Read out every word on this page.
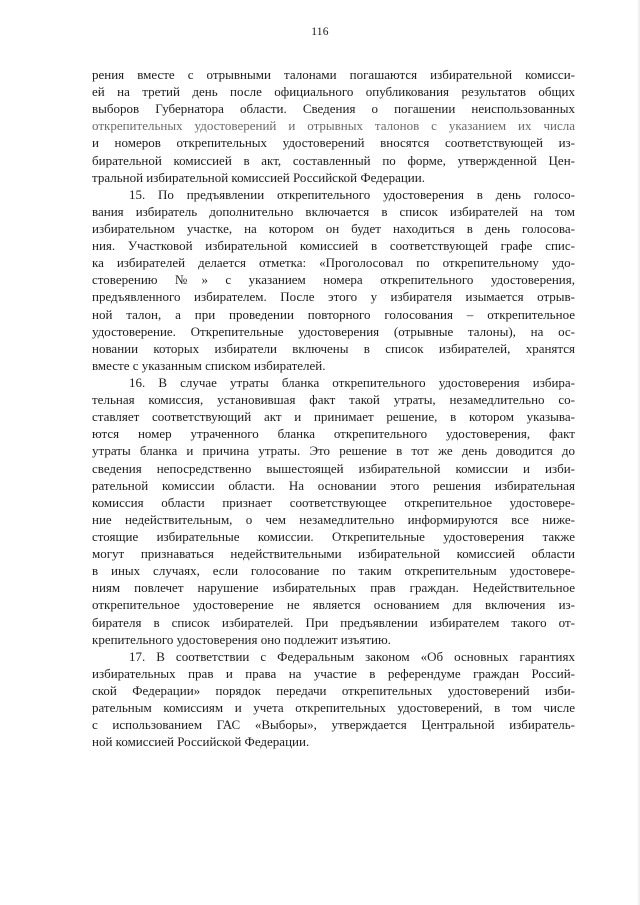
116
рения вместе с отрывными талонами погашаются избирательной комисси-
ей на третий день после официального опубликования результатов общих
выборов Губернатора области. Сведения о погашении неиспользованных
открепительных удостоверений и отрывных талонов с указанием их числа
и номеров открепительных удостоверений вносятся соответствующей из-
бирательной комиссией в акт, составленный по форме, утвержденной Цен-
тральной избирательной комиссией Российской Федерации.
15. По предъявлении открепительного удостоверения в день голосо-
вания избиратель дополнительно включается в список избирателей на том
избирательном участке, на котором он будет находиться в день голосова-
ния. Участковой избирательной комиссией в соответствующей графе спис-
ка избирателей делается отметка: «Проголосовал по открепительному удо-
стоверению №» с указанием номера открепительного удостоверения,
предъявленного избирателем. После этого у избирателя изымается отрыв-
ной талон, а при проведении повторного голосования – открепительное
удостоверение. Открепительные удостоверения (отрывные талоны), на ос-
новании которых избиратели включены в список избирателей, хранятся
вместе с указанным списком избирателей.
16. В случае утраты бланка открепительного удостоверения избира-
тельная комиссия, установившая факт такой утраты, незамедлительно со-
ставляет соответствующий акт и принимает решение, в котором указыва-
ются номер утраченного бланка открепительного удостоверения, факт
утраты бланка и причина утраты. Это решение в тот же день доводится до
сведения непосредственно вышестоящей избирательной комиссии и изби-
рательной комиссии области. На основании этого решения избирательная
комиссия области признает соответствующее открепительное удостовере-
ние недействительным, о чем незамедлительно информируются все ниже-
стоящие избирательные комиссии. Открепительные удостоверения также
могут признаваться недействительными избирательной комиссией области
в иных случаях, если голосование по таким открепительным удостовере-
ниям повлечет нарушение избирательных прав граждан. Недействительное
открепительное удостоверение не является основанием для включения из-
бирателя в список избирателей. При предъявлении избирателем такого от-
крепительного удостоверения оно подлежит изъятию.
17. В соответствии с Федеральным законом «Об основных гарантиях
избирательных прав и права на участие в референдуме граждан Россий-
ской Федерации» порядок передачи открепительных удостоверений изби-
рательным комиссиям и учета открепительных удостоверений, в том числе
с использованием ГАС «Выборы», утверждается Центральной избиратель-
ной комиссией Российской Федерации.
